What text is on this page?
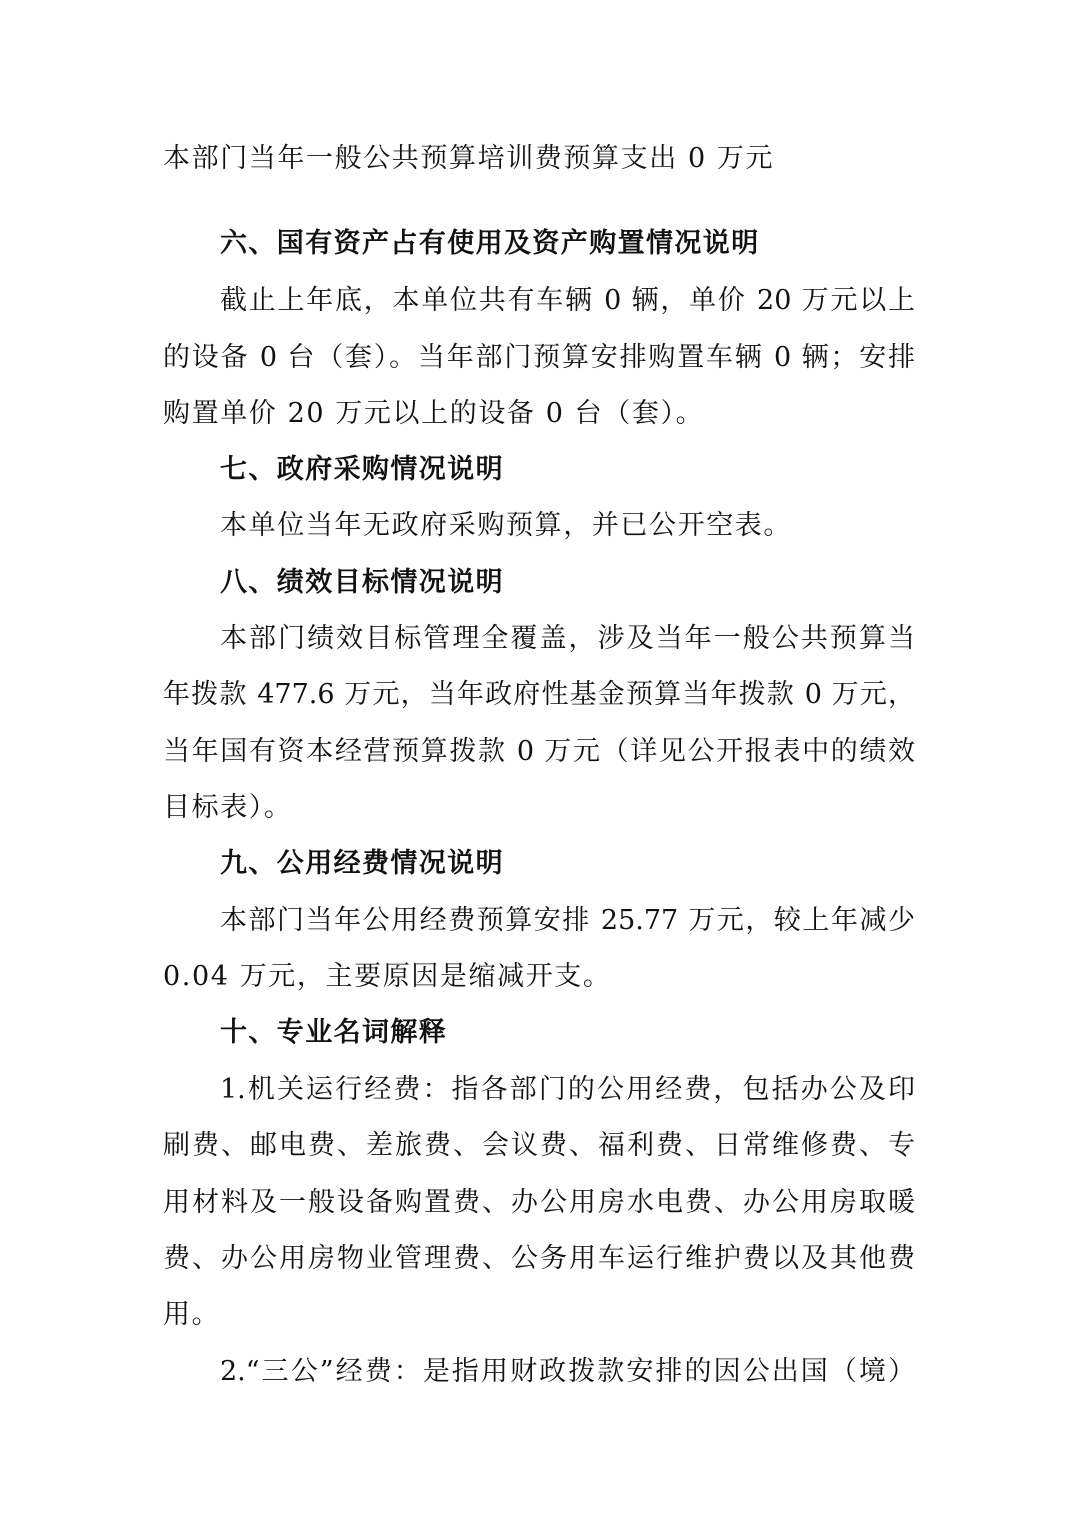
本部门当年一般公共预算培训费预算支出 0 万元
六、国有资产占有使用及资产购置情况说明
截止上年底，本单位共有车辆 0 辆，单价 20 万元以上
的设备 0 台（套）。当年部门预算安排购置车辆 0 辆；安排
购置单价 20 万元以上的设备 0 台（套）。
七、政府采购情况说明
本单位当年无政府采购预算，并已公开空表。
八、绩效目标情况说明
本部门绩效目标管理全覆盖，涉及当年一般公共预算当
年拨款 477.6 万元，当年政府性基金预算当年拨款 0 万元，
当年国有资本经营预算拨款 0 万元（详见公开报表中的绩效
目标表）。
九、公用经费情况说明
本部门当年公用经费预算安排 25.77 万元，较上年减少
0.04 万元，主要原因是缩减开支。
十、专业名词解释
1.机关运行经费：指各部门的公用经费，包括办公及印
刷费、邮电费、差旅费、会议费、福利费、日常维修费、专
用材料及一般设备购置费、办公用房水电费、办公用房取暖
费、办公用房物业管理费、公务用车运行维护费以及其他费
用。
2.“三公”经费：是指用财政拨款安排的因公出国（境）
